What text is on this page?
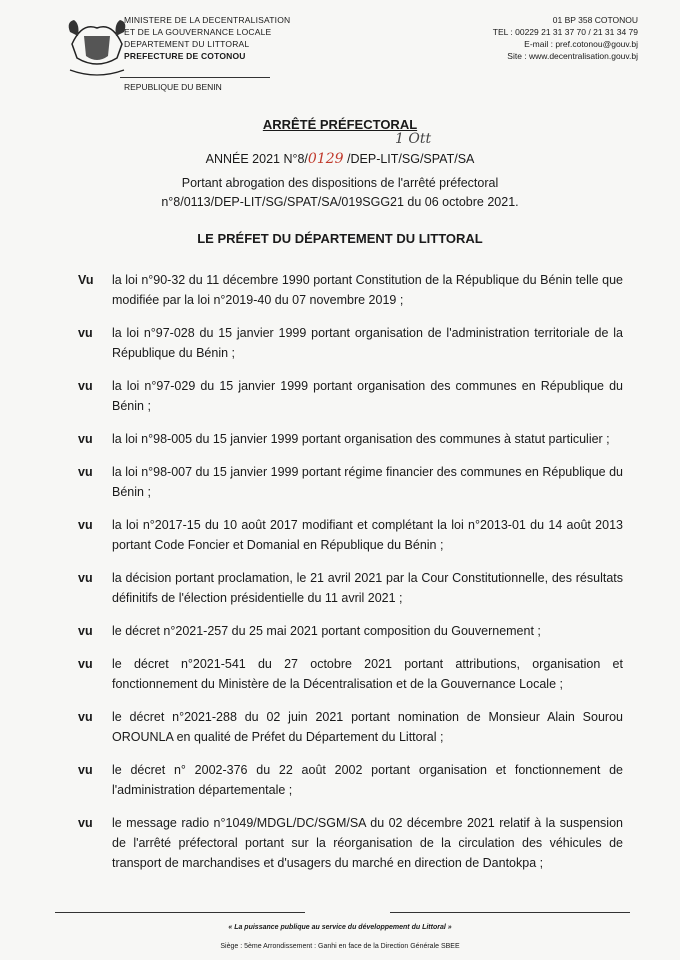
MINISTERE DE LA DECENTRALISATION
ET DE LA GOUVERNANCE LOCALE
DEPARTEMENT DU LITTORAL
PREFECTURE DE COTONOU
REPUBLIQUE DU BENIN
01 BP 358 COTONOU
TEL : 00229 21 31 37 70 / 21 31 34 79
E-mail : pref.cotonou@gouv.bj
Site : www.decentralisation.gouv.bj
ARRÊTÉ PRÉFECTORAL
1 Ott
ANNÉE 2021 N°8/0129 /DEP-LIT/SG/SPAT/SA
Portant abrogation des dispositions de l'arrêté préfectoral
n°8/0113/DEP-LIT/SG/SPAT/SA/019SGG21 du 06 octobre 2021.
LE PRÉFET DU DÉPARTEMENT DU LITTORAL
Vu	la loi n°90-32 du 11 décembre 1990 portant Constitution de la République du Bénin telle que modifiée par la loi n°2019-40 du 07 novembre 2019 ;
vu	la loi n°97-028 du 15 janvier 1999 portant organisation de l'administration territoriale de la République du Bénin ;
vu	la loi n°97-029 du 15 janvier 1999 portant organisation des communes en République du Bénin ;
vu	la loi n°98-005 du 15 janvier 1999 portant organisation des communes à statut particulier ;
vu	la loi n°98-007 du 15 janvier 1999 portant régime financier des communes en République du Bénin ;
vu	la loi n°2017-15 du 10 août 2017 modifiant et complétant la loi n°2013-01 du 14 août 2013 portant Code Foncier et Domanial en République du Bénin ;
vu	la décision portant proclamation, le 21 avril 2021 par la Cour Constitutionnelle, des résultats définitifs de l'élection présidentielle du 11 avril 2021 ;
vu	le décret n°2021-257 du 25 mai 2021 portant composition du Gouvernement ;
vu	le décret n°2021-541 du 27 octobre 2021 portant attributions, organisation et fonctionnement du Ministère de la Décentralisation et de la Gouvernance Locale ;
vu	le décret n°2021-288 du 02 juin 2021 portant nomination de Monsieur Alain Sourou OROUNLA en qualité de Préfet du Département du Littoral ;
vu	le décret n° 2002-376 du 22 août 2002 portant organisation et fonctionnement de l'administration départementale ;
vu	le message radio n°1049/MDGL/DC/SGM/SA du 02 décembre 2021 relatif à la suspension de l'arrêté préfectoral portant sur la réorganisation de la circulation des véhicules de transport de marchandises et d'usagers du marché en direction de Dantokpa ;
« La puissance publique au service du développement du Littoral »
Siège : 5ème Arrondissement : Ganhi en face de la Direction Générale SBEE
